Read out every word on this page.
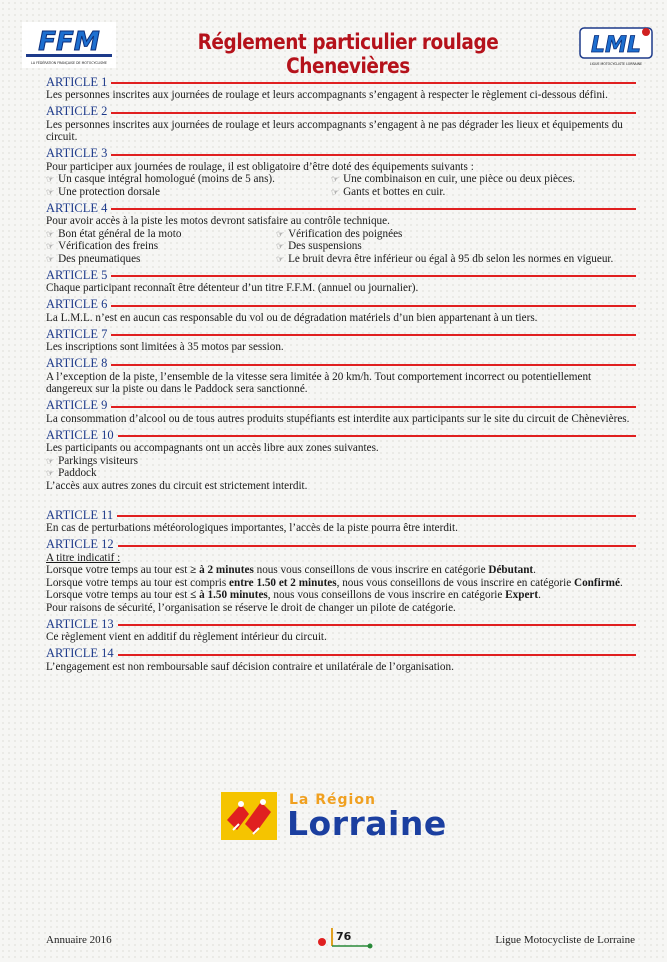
FFM
LA FÉDÉRATION FRANÇAISE DE MOTOCYCLISME
Réglement particulier roulage Chenevières
LML
LIGUE MOTOCYCLISTE LORRAINE
ARTICLE 1
Les personnes inscrites aux journées de roulage et leurs accompagnants s’engagent à respecter le règlement ci-dessous défini.
ARTICLE 2
Les personnes inscrites aux journées de roulage et leurs accompagnants s’engagent à ne pas dégrader les lieux et équipements du circuit.
ARTICLE 3
Pour participer aux journées de roulage, il est obligatoire d’être doté des équipements suivants :
☞ Un casque intégral homologué (moins de 5 ans).
☞ Une protection dorsale
☞ Une combinaison en cuir, une pièce ou deux pièces.
☞ Gants et bottes en cuir.
ARTICLE 4
Pour avoir accès à la piste les motos devront satisfaire au contrôle technique.
☞ Bon état général de la moto
☞ Vérification des freins
☞ Des pneumatiques
☞ Vérification des poignées
☞ Des suspensions
☞ Le bruit devra être inférieur ou égal à 95 db selon les normes en vigueur.
ARTICLE 5
Chaque participant reconnaît être détenteur d’un titre F.F.M. (annuel ou journalier).
ARTICLE 6
La L.M.L. n’est en aucun cas responsable du vol ou de dégradation matériels d’un bien appartenant à un tiers.
ARTICLE 7
Les inscriptions sont limitées à 35 motos par session.
ARTICLE 8
A l’exception de la piste, l’ensemble de la vitesse sera limitée à 20 km/h. Tout comportement incorrect ou potentiellement dangereux sur la piste ou dans le Paddock sera sanctionné.
ARTICLE 9
La consommation d’alcool ou de tous autres produits stupéfiants est interdite aux participants sur le site du circuit de Chènevières.
ARTICLE 10
Les participants ou accompagnants ont un accès libre aux zones suivantes.
☞ Parkings visiteurs
☞ Paddock
L’accès aux autres zones du circuit est strictement interdit.
ARTICLE 11
En cas de perturbations météorologiques importantes, l’accès de la piste pourra être interdit.
ARTICLE 12
A titre indicatif :
Lorsque votre temps au tour est ≥ à 2 minutes nous vous conseillons de vous inscrire en catégorie Débutant.
Lorsque votre temps au tour est compris entre 1.50 et 2 minutes, nous vous conseillons de vous inscrire en catégorie Confirmé.
Lorsque votre temps au tour est ≤ à 1.50 minutes, nous vous conseillons de vous inscrire en catégorie Expert.
Pour raisons de sécurité, l’organisation se réserve le droit de changer un pilote de catégorie.
ARTICLE 13
Ce règlement vient en additif du règlement intérieur du circuit.
ARTICLE 14
L’engagement est non remboursable sauf décision contraire et unilatérale de l’organisation.
La Région
Lorraine
Annuaire 2016	76	Ligue Motocycliste de Lorraine
